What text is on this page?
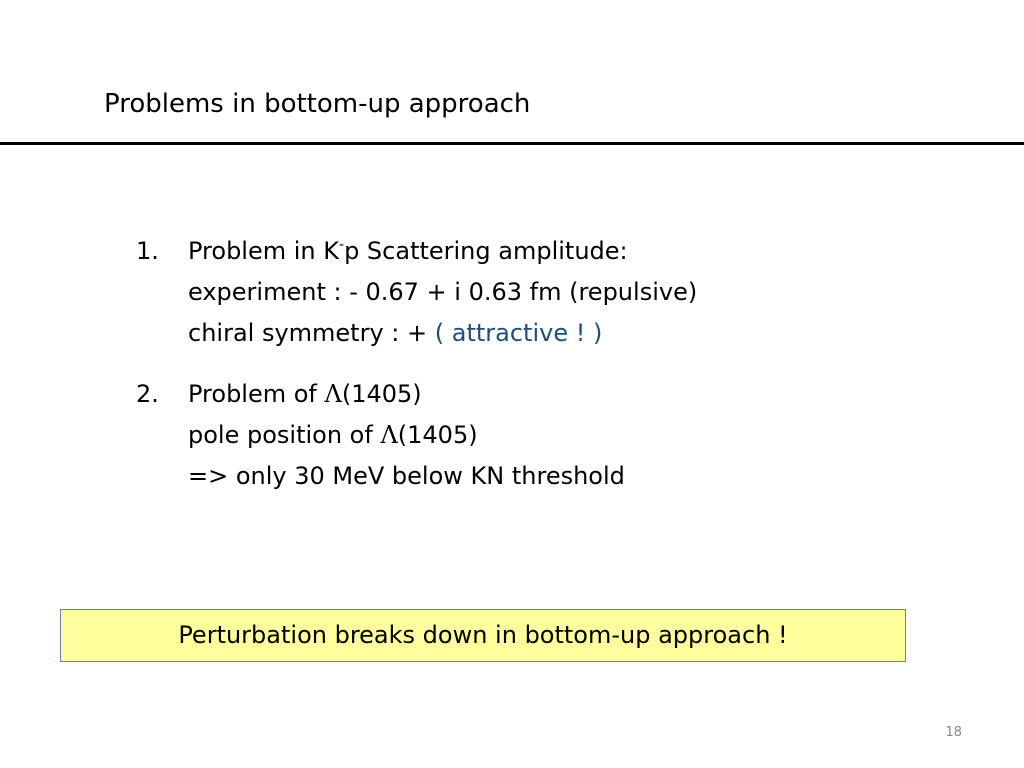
Problems in bottom-up approach
1. Problem in K-p Scattering amplitude:
experiment : - 0.67 + i 0.63 fm (repulsive)
chiral symmetry : + ( attractive ! )
2. Problem of Λ(1405)
pole position of Λ(1405)
=> only 30 MeV below KN threshold
Perturbation breaks down in bottom-up approach !
18
